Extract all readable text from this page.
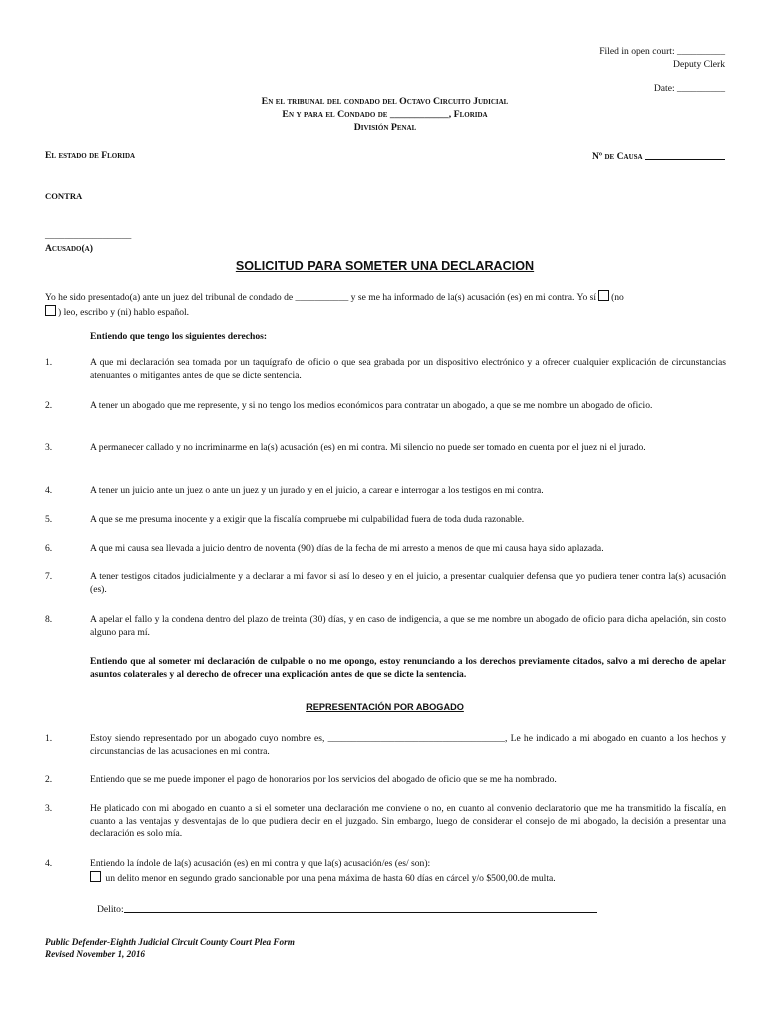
Filed in open court: __________
Deputy Clerk
Date: __________
En el tribunal del condado del Octavo Circuito Judicial
En y para el Condado de ____________, Florida
División Penal
El estado de Florida	Nº de Causa
CONTRA
__________________
Acusado(a)
SOLICITUD PARA SOMETER UNA DECLARACION
Yo he sido presentado(a) ante un juez del tribunal de condado de ___________ y se me ha informado de la(s) acusación (es) en mi contra. Yo sí (no
) leo, escribo y (ni) hablo español.
Entiendo que tengo los siguientes derechos:
1.	A que mi declaración sea tomada por un taquígrafo de oficio o que sea grabada por un dispositivo electrónico y a ofrecer cualquier explicación de circunstancias atenuantes o mitigantes antes de que se dicte sentencia.
2.	A tener un abogado que me represente, y si no tengo los medios económicos para contratar un abogado, a que se me nombre un abogado de oficio.
3.	A permanecer callado y no incriminarme en la(s) acusación (es) en mi contra. Mi silencio no puede ser tomado en cuenta por el juez ni el jurado.
4.	A tener un juicio ante un juez o ante un juez y un jurado y en el juicio, a carear e interrogar a los testigos en mi contra.
5.	A que se me presuma inocente y a exigir que la fiscalía compruebe mi culpabilidad fuera de toda duda razonable.
6.	A que mi causa sea llevada a juicio dentro de noventa (90) días de la fecha de mi arresto a menos de que mi causa haya sido aplazada.
7.	A tener testigos citados judicialmente y a declarar a mi favor si así lo deseo y en el juicio, a presentar cualquier defensa que yo pudiera tener contra la(s) acusación (es).
8.	A apelar el fallo y la condena dentro del plazo de treinta (30) días, y en caso de indigencia, a que se me nombre un abogado de oficio para dicha apelación, sin costo alguno para mí.
Entiendo que al someter mi declaración de culpable o no me opongo, estoy renunciando a los derechos previamente citados, salvo a mi derecho de apelar asuntos colaterales y al derecho de ofrecer una explicación antes de que se dicte la sentencia.
REPRESENTACIÓN POR ABOGADO
1.	Estoy siendo representado por un abogado cuyo nombre es, _____________________________________, Le he indicado a mi abogado en cuanto a los hechos y circunstancias de las acusaciones en mi contra.
2.	Entiendo que se me puede imponer el pago de honorarios por los servicios del abogado de oficio que se me ha nombrado.
3.	He platicado con mi abogado en cuanto a si el someter una declaración me conviene o no, en cuanto al convenio declaratorio que me ha transmitido la fiscalía, en cuanto a las ventajas y desventajas de lo que pudiera decir en el juzgado. Sin embargo, luego de considerar el consejo de mi abogado, la decisión a presentar una declaración es solo mía.
4.	Entiendo la índole de la(s) acusación (es) en mi contra y que la(s) acusación/es (es/ son):
un delito menor en segundo grado sancionable por una pena máxima de hasta 60 días en cárcel y/o $500,00.de multa.
Delito:
Public Defender-Eighth Judicial Circuit County Court Plea Form
Revised November 1, 2016
